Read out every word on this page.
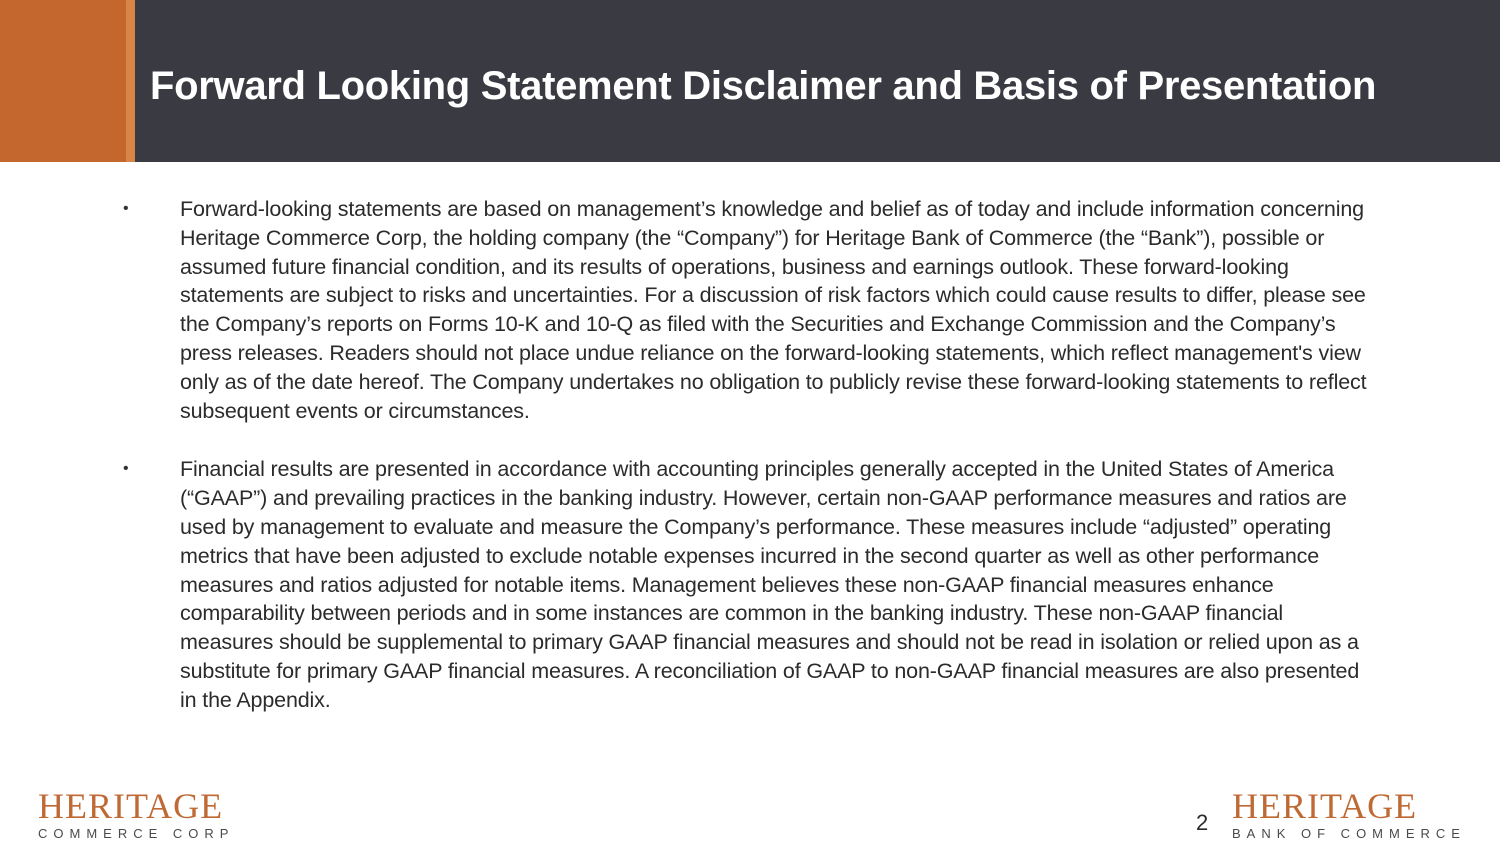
Forward Looking Statement Disclaimer and Basis of Presentation
• Forward-looking statements are based on management’s knowledge and belief as of today and include information concerning Heritage Commerce Corp, the holding company (the “Company”) for Heritage Bank of Commerce (the “Bank”), possible or assumed future financial condition, and its results of operations, business and earnings outlook. These forward-looking statements are subject to risks and uncertainties. For a discussion of risk factors which could cause results to differ, please see the Company’s reports on Forms 10-K and 10-Q as filed with the Securities and Exchange Commission and the Company’s press releases. Readers should not place undue reliance on the forward-looking statements, which reflect management's view only as of the date hereof. The Company undertakes no obligation to publicly revise these forward-looking statements to reflect subsequent events or circumstances.
• Financial results are presented in accordance with accounting principles generally accepted in the United States of America (“GAAP”) and prevailing practices in the banking industry. However, certain non-GAAP performance measures and ratios are used by management to evaluate and measure the Company’s performance. These measures include “adjusted” operating metrics that have been adjusted to exclude notable expenses incurred in the second quarter as well as other performance measures and ratios adjusted for notable items. Management believes these non-GAAP financial measures enhance comparability between periods and in some instances are common in the banking industry. These non-GAAP financial measures should be supplemental to primary GAAP financial measures and should not be read in isolation or relied upon as a substitute for primary GAAP financial measures. A reconciliation of GAAP to non-GAAP financial measures are also presented in the Appendix.
HERITAGE
COMMERCE CORP	2 HERITAGE
BANK OF COMMERCE
